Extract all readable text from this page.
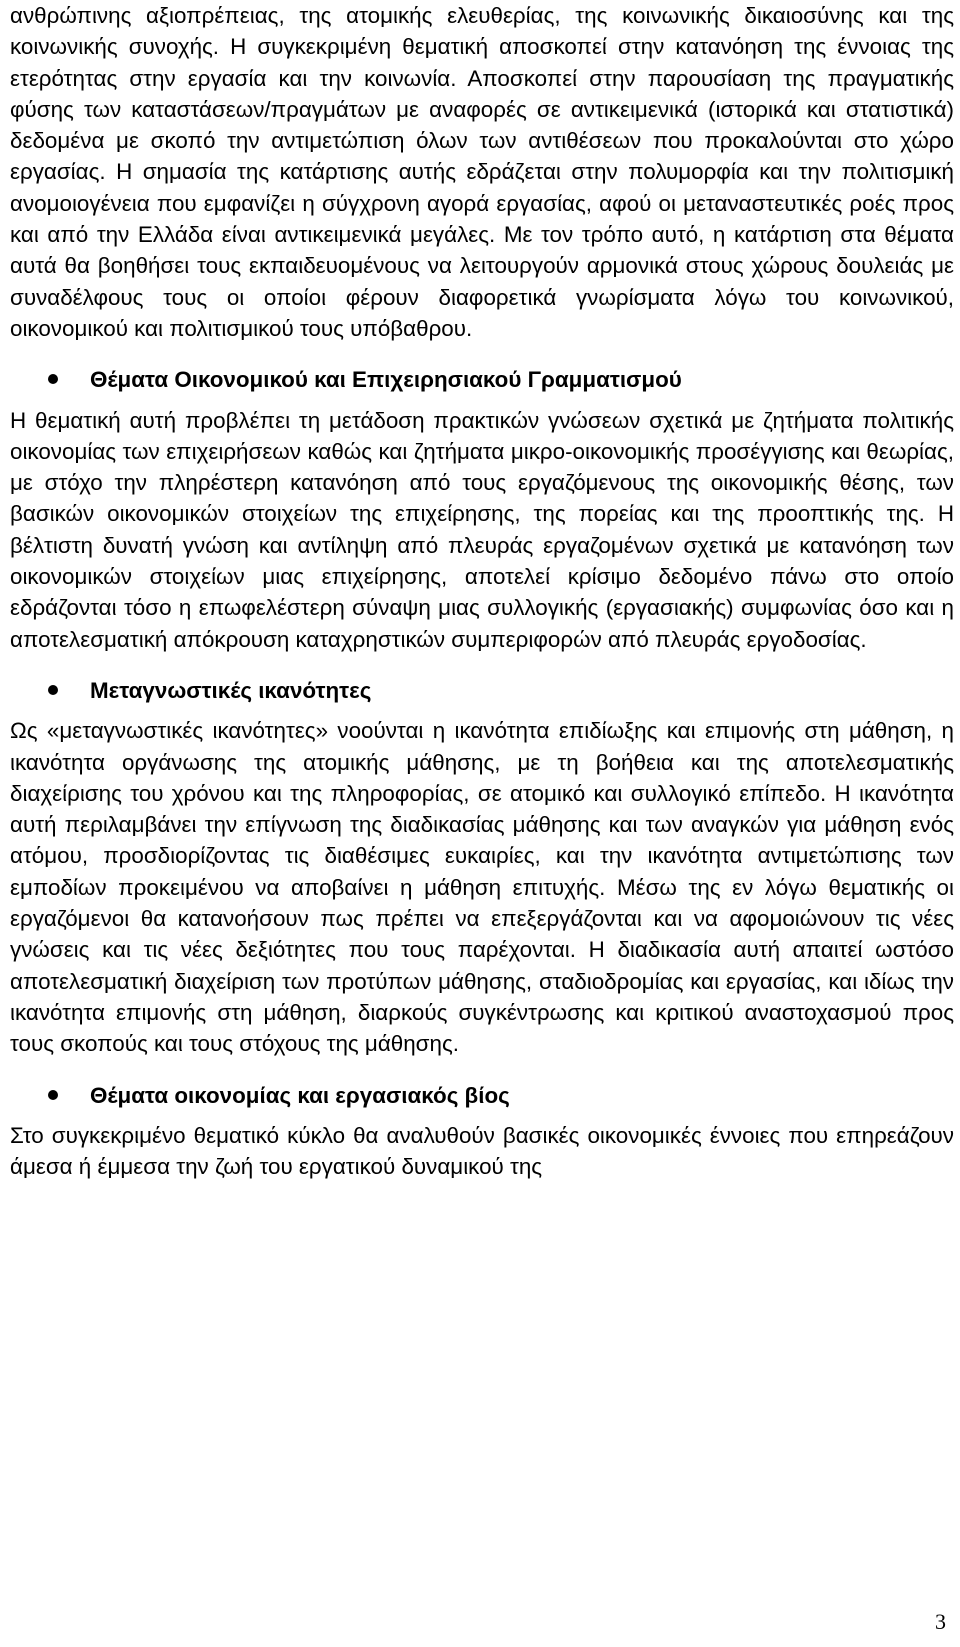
ανθρώπινης αξιοπρέπειας, της ατομικής ελευθερίας, της κοινωνικής δικαιοσύνης και της κοινωνικής συνοχής. Η συγκεκριμένη θεματική αποσκοπεί στην κατανόηση της έννοιας της ετερότητας στην εργασία και την κοινωνία. Αποσκοπεί στην παρουσίαση της πραγματικής φύσης των καταστάσεων/πραγμάτων με αναφορές σε αντικειμενικά (ιστορικά και στατιστικά) δεδομένα με σκοπό την αντιμετώπιση όλων των αντιθέσεων που προκαλούνται στο χώρο εργασίας. Η σημασία της κατάρτισης αυτής εδράζεται στην πολυμορφία και την πολιτισμική ανομοιογένεια που εμφανίζει η σύγχρονη αγορά εργασίας, αφού οι μεταναστευτικές ροές προς και από την Ελλάδα είναι αντικειμενικά μεγάλες. Με τον τρόπο αυτό, η κατάρτιση στα θέματα αυτά θα βοηθήσει τους εκπαιδευομένους να λειτουργούν αρμονικά στους χώρους δουλειάς με συναδέλφους τους οι οποίοι φέρουν διαφορετικά γνωρίσματα λόγω του κοινωνικού, οικονομικού και πολιτισμικού τους υπόβαθρου.

Θέματα Οικονομικού και Επιχειρησιακού Γραμματισμού

Η θεματική αυτή προβλέπει τη μετάδοση πρακτικών γνώσεων σχετικά με ζητήματα πολιτικής οικονομίας των επιχειρήσεων καθώς και ζητήματα μικρο-οικονομικής προσέγγισης και θεωρίας, με στόχο την πληρέστερη κατανόηση από τους εργαζόμενους της οικονομικής θέσης, των βασικών οικονομικών στοιχείων της επιχείρησης, της πορείας και της προοπτικής της. Η βέλτιστη δυνατή γνώση και αντίληψη από πλευράς εργαζομένων σχετικά με κατανόηση των οικονομικών στοιχείων μιας επιχείρησης, αποτελεί κρίσιμο δεδομένο πάνω στο οποίο εδράζονται τόσο η επωφελέστερη σύναψη μιας συλλογικής (εργασιακής) συμφωνίας όσο και η αποτελεσματική απόκρουση καταχρηστικών συμπεριφορών από πλευράς εργοδοσίας.

Μεταγνωστικές ικανότητες

Ως «μεταγνωστικές ικανότητες» νοούνται η ικανότητα επιδίωξης και επιμονής στη μάθηση, η ικανότητα οργάνωσης της ατομικής μάθησης, με τη βοήθεια και της αποτελεσματικής διαχείρισης του χρόνου και της πληροφορίας, σε ατομικό και συλλογικό επίπεδο. Η ικανότητα αυτή περιλαμβάνει την επίγνωση της διαδικασίας μάθησης και των αναγκών για μάθηση ενός ατόμου, προσδιορίζοντας τις διαθέσιμες ευκαιρίες, και την ικανότητα αντιμετώπισης των εμποδίων προκειμένου να αποβαίνει η μάθηση επιτυχής. Μέσω της εν λόγω θεματικής οι εργαζόμενοι θα κατανοήσουν πως πρέπει να επεξεργάζονται και να αφομοιώνουν τις νέες γνώσεις και τις νέες δεξιότητες που τους παρέχονται. Η διαδικασία αυτή απαιτεί ωστόσο αποτελεσματική διαχείριση των προτύπων μάθησης, σταδιοδρομίας και εργασίας, και ιδίως την ικανότητα επιμονής στη μάθηση, διαρκούς συγκέντρωσης και κριτικού αναστοχασμού προς τους σκοπούς και τους στόχους της μάθησης.

Θέματα οικονομίας και εργασιακός βίος

Στο συγκεκριμένο θεματικό κύκλο θα αναλυθούν βασικές οικονομικές έννοιες που επηρεάζουν άμεσα ή έμμεσα την ζωή του εργατικού δυναμικού της

3
